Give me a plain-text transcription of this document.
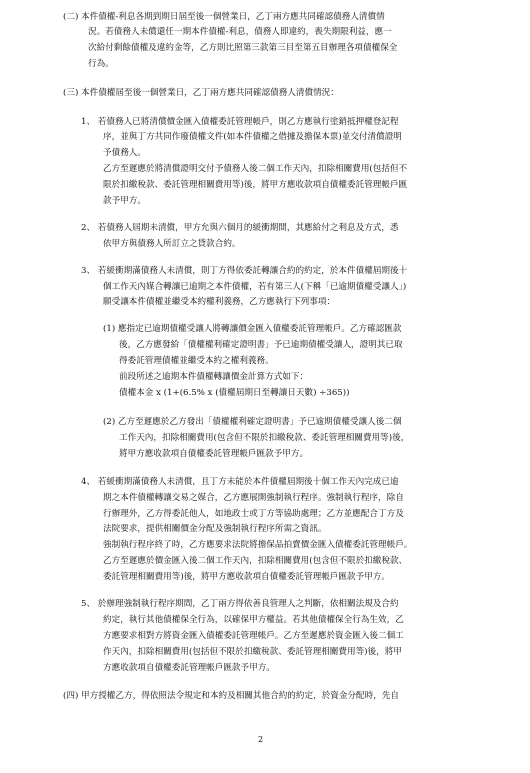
(二) 本件債權-利息各期到期日屆至後一個營業日，乙丁兩方應共同確認債務人清償情
況。若債務人未償還任一期本件債權-利息，債務人即違約，喪失期限利益，應一
次給付剩餘債權及違約金等，乙方則比照第三款第三目至第五目辦理各項債權保全
行為。
(三) 本件債權屆至後一個營業日，乙丁兩方應共同確認債務人清償情況：
1、 若債務人已將清償價金匯入債權委託管理帳戶，則乙方應執行塗銷抵押權登記程
序，並與丁方共同作廢債權文件(如本件債權之借據及擔保本票)並交付清償證明
予債務人。
乙方至遲應於將清償證明交付予債務人後二個工作天內，扣除相關費用(包括但不
限於扣繳稅款、委託管理相關費用等)後，將甲方應收款項自債權委託管理帳戶匯
款予甲方。
2、 若債務人屆期未清償，甲方允與六個月的緩衝期間，其應給付之利息及方式，悉
依甲方與債務人所訂立之貸款合約。
3、 若緩衝期滿債務人未清償，則丁方得依委託轉讓合約的約定，於本件債權屆期後十
個工作天內媒合轉讓已逾期之本件債權，若有第三人(下稱「已逾期債權受讓人」)
願受讓本件債權並繼受本約權利義務，乙方應執行下列事項：
(1) 應指定已逾期債權受讓人將轉讓價金匯入債權委託管理帳戶。乙方確認匯款
後，乙方應發給「債權權利確定證明書」予已逾期債權受讓人，證明其已取
得委託管理債權並繼受本約之權利義務。
前段所述之逾期本件債權轉讓價金計算方式如下：
債權本金 x (1+(6.5% x (債權屆期日至轉讓日天數) ÷365))
(2) 乙方至遲應於乙方發出「債權權利確定證明書」予已逾期債權受讓人後二個
工作天內，扣除相關費用(包含但不限於扣繳稅款、委託管理相關費用等)後，
將甲方應收款項自債權委託管理帳戶匯款予甲方。
4、 若緩衝期滿債務人未清償，且丁方未能於本件債權屆期後十個工作天內完成已逾
期之本件債權轉讓交易之媒合，乙方應展開強制執行程序。強制執行程序，除自
行辦理外，乙方得委託他人，如地政士或丁方等協助處理；乙方並應配合丁方及
法院要求，提供相關價金分配及強制執行程序所需之資訊。
強制執行程序終了時，乙方應要求法院將擔保品拍賣價金匯入債權委託管理帳戶。
乙方至遲應於價金匯入後二個工作天內，扣除相關費用(包含但不限於扣繳稅款、
委託管理相關費用等)後，將甲方應收款項自債權委託管理帳戶匯款予甲方。
5、 於辦理強制執行程序期間，乙丁兩方得依善良管理人之判斷，依相關法規及合約
約定，執行其他債權保全行為，以確保甲方權益。若其他債權保全行為生效，乙
方應要求相對方將資金匯入債權委託管理帳戶。乙方至遲應於資金匯入後二個工
作天內，扣除相關費用(包括但不限於扣繳稅款、委託管理相關費用等)後，將甲
方應收款項自債權委託管理帳戶匯款予甲方。
(四) 甲方授權乙方，得依照法令規定和本約及相關其他合約的約定，於資金分配時，先自
2
